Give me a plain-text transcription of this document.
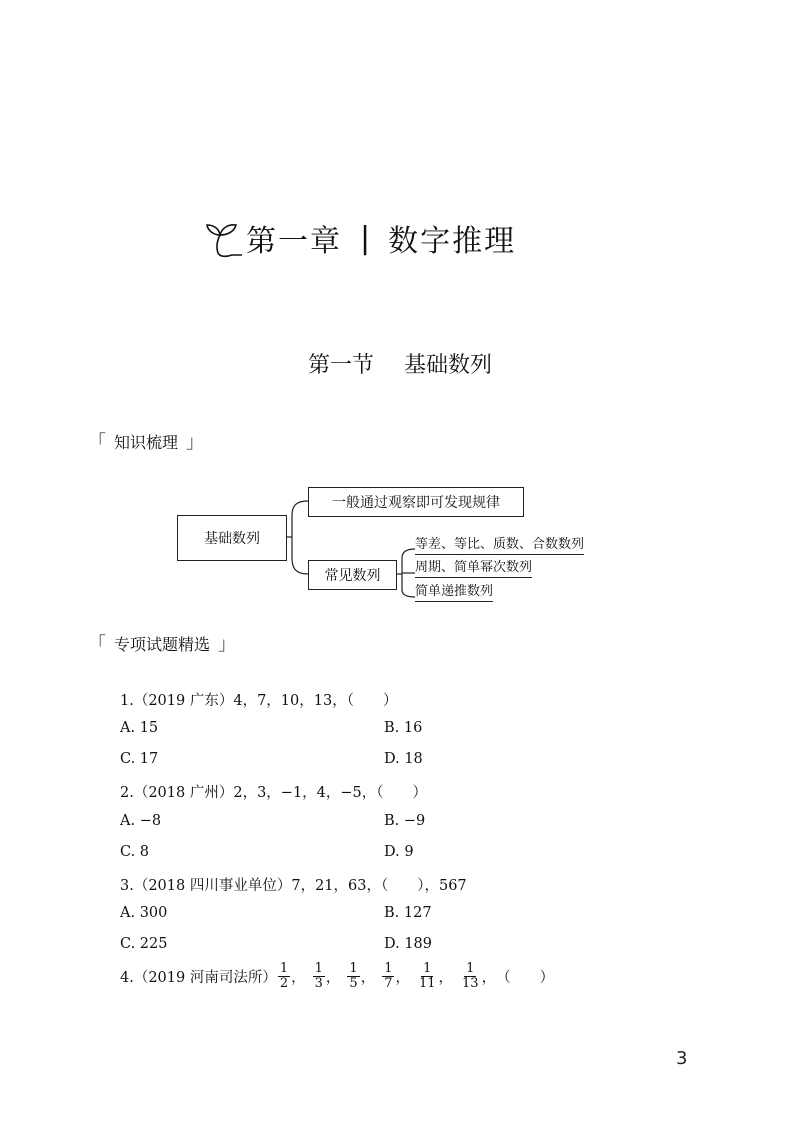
第一章 | 数字推理
第一节 基础数列
「 知识梳理 」
基础数列
一般通过观察即可发现规律
常见数列
等差、等比、质数、合数数列
周期、简单幂次数列
简单递推数列
「 专项试题精选 」
1.（2019 广东）4，7，10，13，（　　）
A. 15	B. 16
C. 17	D. 18
2.（2018 广州）2，3，−1，4，−5，（　　）
A. −8	B. −9
C. 8	D. 9
3.（2018 四川事业单位）7，21，63，（　　），567
A. 300	B. 127
C. 225	D. 189
4.（2019 河南司法所） $\frac{1}{2}$ ， $\frac{1}{3}$ ， $\frac{1}{5}$ ， $\frac{1}{7}$ ， $\frac{1}{11}$ ， $\frac{1}{13}$ ， （　　）
3
